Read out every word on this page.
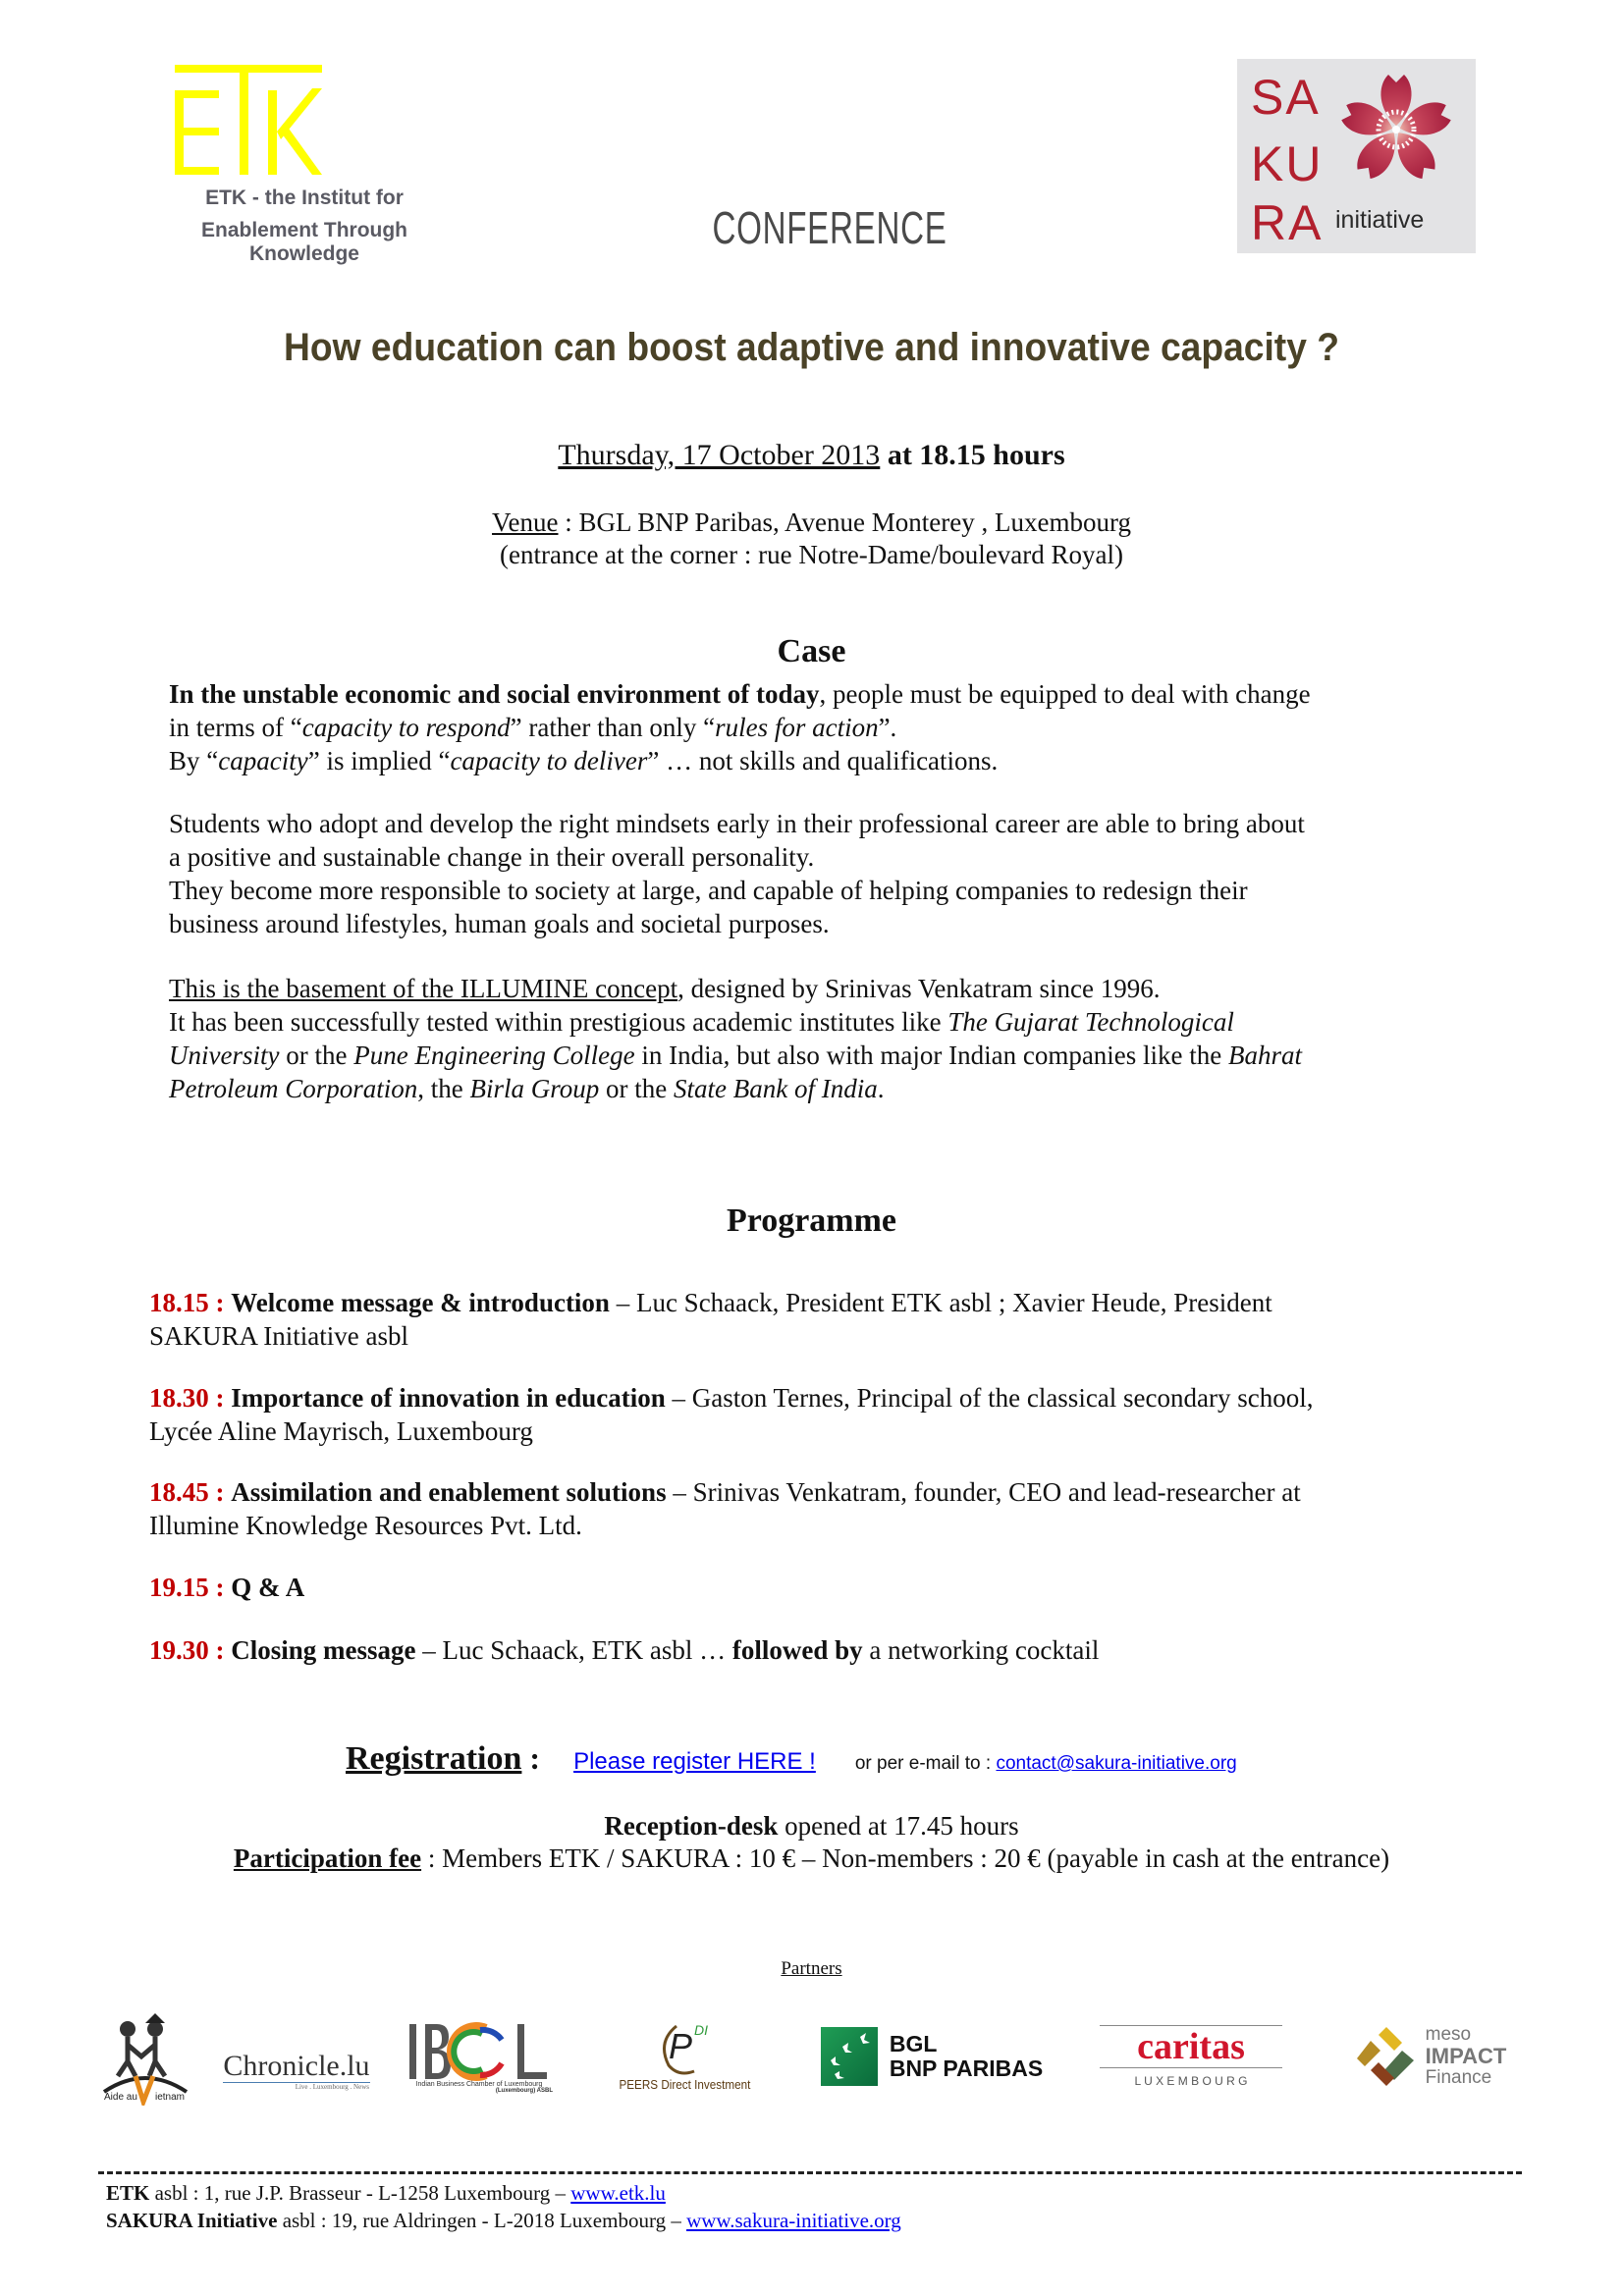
ETK - the Institut for
Enablement Through Knowledge
CONFERENCE
SA
KU
RA initiative
How education can boost adaptive and innovative capacity ?
Thursday, 17 October 2013 at 18.15 hours
Venue : BGL BNP Paribas, Avenue Monterey , Luxembourg
(entrance at the corner : rue Notre-Dame/boulevard Royal)
Case
In the unstable economic and social environment of today, people must be equipped to deal with change
in terms of “capacity to respond” rather than only “rules for action”.
By “capacity” is implied “capacity to deliver” … not skills and qualifications.
Students who adopt and develop the right mindsets early in their professional career are able to bring about
a positive and sustainable change in their overall personality.
They become more responsible to society at large, and capable of helping companies to redesign their
business around lifestyles, human goals and societal purposes.
This is the basement of the ILLUMINE concept, designed by Srinivas Venkatram since 1996.
It has been successfully tested within prestigious academic institutes like The Gujarat Technological
University or the Pune Engineering College in India, but also with major Indian companies like the Bahrat
Petroleum Corporation, the Birla Group or the State Bank of India.
Programme
18.15 : Welcome message & introduction – Luc Schaack, President ETK asbl ; Xavier Heude, President
SAKURA Initiative asbl
18.30 : Importance of innovation in education – Gaston Ternes, Principal of the classical secondary school,
Lycée Aline Mayrisch, Luxembourg
18.45 : Assimilation and enablement solutions – Srinivas Venkatram, founder, CEO and lead-researcher at
Illumine Knowledge Resources Pvt. Ltd.
19.15 : Q & A
19.30 : Closing message – Luc Schaack, ETK asbl … followed by a networking cocktail
Registration : Please register HERE ! or per e-mail to : contact@sakura-initiative.org
Reception-desk opened at 17.45 hours
Participation fee : Members ETK / SAKURA : 10 € – Non-members : 20 € (payable in cash at the entrance)
Partners
Aide au ietnam
Chronicle.lu
Live . Luxembourg . News	Indian Business Chamber of Luxembourg
(Luxembourg) ASBL
P DI
PEERS Direct Investment
BGL
BNP PARIBAS
caritas
L U X E M B O U R G
meso
IMPACT
Finance
ETK asbl : 1, rue J.P. Brasseur - L-1258 Luxembourg – www.etk.lu
SAKURA Initiative asbl : 19, rue Aldringen - L-2018 Luxembourg – www.sakura-initiative.org
